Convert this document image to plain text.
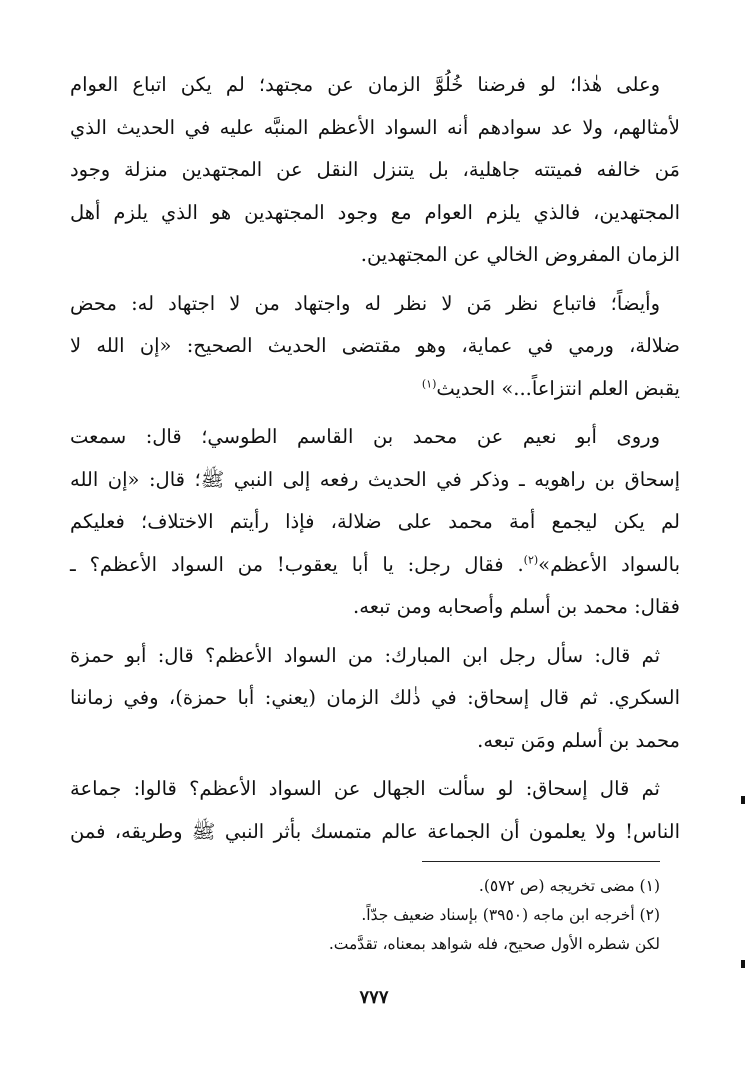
وعلى هٰذا؛ لو فرضنا خُلُوَّ الزمان عن مجتهد؛ لم يكن اتباع العوام
لأمثالهم، ولا عد سوادهم أنه السواد الأعظم المنبَّه عليه في الحديث الذي
مَن خالفه فميتته جاهلية، بل يتنزل النقل عن المجتهدين منزلة وجود
المجتهدين، فالذي يلزم العوام مع وجود المجتهدين هو الذي يلزم أهل
الزمان المفروض الخالي عن المجتهدين.

وأيضاً؛ فاتباع نظر مَن لا نظر له واجتهاد من لا اجتهاد له: محض
ضلالة، ورمي في عماية، وهو مقتضى الحديث الصحيح: «إن الله لا
يقبض العلم انتزاعاً...» الحديث$^{(١)}$

وروى أبو نعيم عن محمد بن القاسم الطوسي؛ قال: سمعت
إسحاق بن راهويه ـ وذكر في الحديث رفعه إلى النبي ﷺ؛ قال: «إن الله
لم يكن ليجمع أمة محمد على ضلالة، فإذا رأيتم الاختلاف؛ فعليكم
بالسواد الأعظم»$^{(٢)}$. فقال رجل: يا أبا يعقوب! من السواد الأعظم؟ ـ
فقال: محمد بن أسلم وأصحابه ومن تبعه.

ثم قال: سأل رجل ابن المبارك: من السواد الأعظم؟ قال: أبو حمزة
السكري. ثم قال إسحاق: في ذٰلك الزمان (يعني: أبا حمزة)، وفي زماننا
محمد بن أسلم ومَن تبعه.

ثم قال إسحاق: لو سألت الجهال عن السواد الأعظم؟ قالوا: جماعة
الناس! ولا يعلمون أن الجماعة عالم متمسك بأثر النبي ﷺ وطريقه، فمن

(١) مضى تخريجه (ص ٥٧٢).
(٢) أخرجه ابن ماجه (٣٩٥٠) بإسناد ضعيف جدّاً.
لكن شطره الأول صحيح، فله شواهد بمعناه، تقدَّمت.
٧٧٧
